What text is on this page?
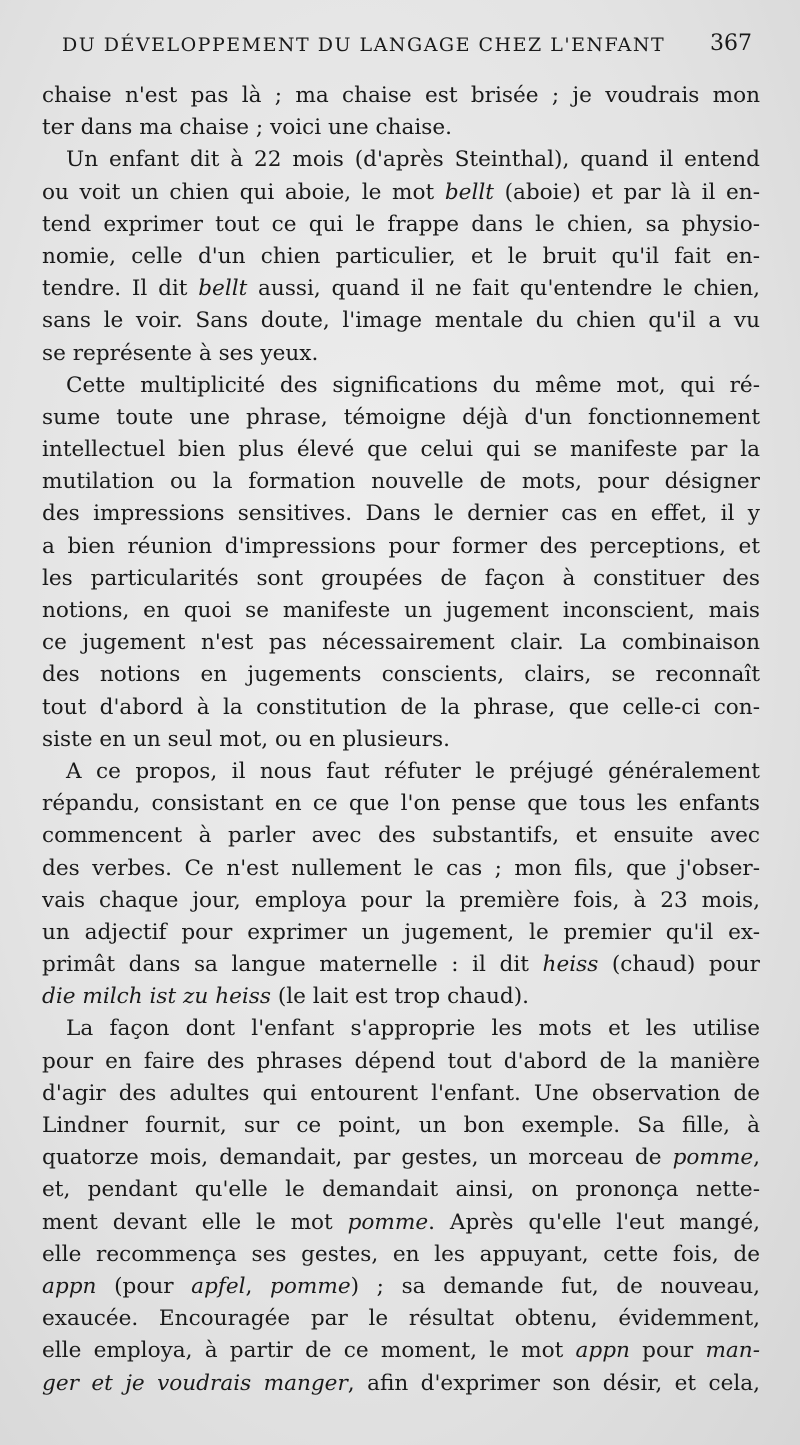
DU DÉVELOPPEMENT DU LANGAGE CHEZ L'ENFANT 367
chaise n'est pas là ; ma chaise est brisée ; je voudrais mon
ter dans ma chaise ; voici une chaise.
Un enfant dit à 22 mois (d'après Steinthal), quand il entend
ou voit un chien qui aboie, le mot bellt (aboie) et par là il en-
tend exprimer tout ce qui le frappe dans le chien, sa physio-
nomie, celle d'un chien particulier, et le bruit qu'il fait en-
tendre. Il dit bellt aussi, quand il ne fait qu'entendre le chien,
sans le voir. Sans doute, l'image mentale du chien qu'il a vu
se représente à ses yeux.
Cette multiplicité des significations du même mot, qui ré-
sume toute une phrase, témoigne déjà d'un fonctionnement
intellectuel bien plus élevé que celui qui se manifeste par la
mutilation ou la formation nouvelle de mots, pour désigner
des impressions sensitives. Dans le dernier cas en effet, il y
a bien réunion d'impressions pour former des perceptions, et
les particularités sont groupées de façon à constituer des
notions, en quoi se manifeste un jugement inconscient, mais
ce jugement n'est pas nécessairement clair. La combinaison
des notions en jugements conscients, clairs, se reconnaît
tout d'abord à la constitution de la phrase, que celle-ci con-
siste en un seul mot, ou en plusieurs.
A ce propos, il nous faut réfuter le préjugé généralement
répandu, consistant en ce que l'on pense que tous les enfants
commencent à parler avec des substantifs, et ensuite avec
des verbes. Ce n'est nullement le cas ; mon fils, que j'obser-
vais chaque jour, employa pour la première fois, à 23 mois,
un adjectif pour exprimer un jugement, le premier qu'il ex-
primât dans sa langue maternelle : il dit heiss (chaud) pour
die milch ist zu heiss (le lait est trop chaud).
La façon dont l'enfant s'approprie les mots et les utilise
pour en faire des phrases dépend tout d'abord de la manière
d'agir des adultes qui entourent l'enfant. Une observation de
Lindner fournit, sur ce point, un bon exemple. Sa fille, à
quatorze mois, demandait, par gestes, un morceau de pomme,
et, pendant qu'elle le demandait ainsi, on prononça nette-
ment devant elle le mot pomme. Après qu'elle l'eut mangé,
elle recommença ses gestes, en les appuyant, cette fois, de
appn (pour apfel, pomme) ; sa demande fut, de nouveau,
exaucée. Encouragée par le résultat obtenu, évidemment,
elle employa, à partir de ce moment, le mot appn pour man-
ger et je voudrais manger, afin d'exprimer son désir, et cela,
